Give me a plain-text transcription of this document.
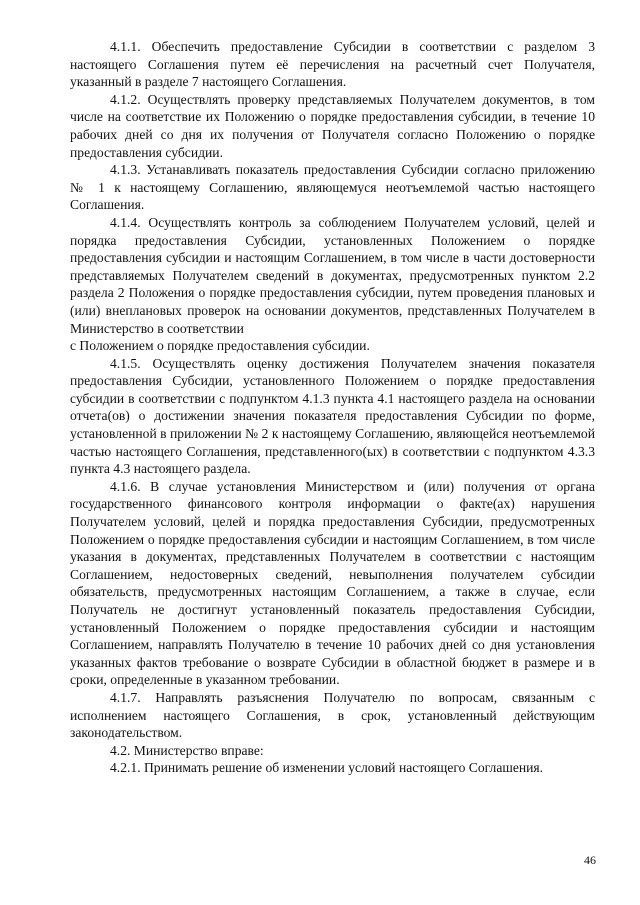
4.1.1. Обеспечить предоставление Субсидии в соответствии с разделом 3 настоящего Соглашения путем её перечисления на расчетный счет Получателя, указанный в разделе 7 настоящего Соглашения.

4.1.2. Осуществлять проверку представляемых Получателем документов, в том числе на соответствие их Положению о порядке предоставления субсидии, в течение 10 рабочих дней со дня их получения от Получателя согласно Положению о порядке предоставления субсидии.

4.1.3. Устанавливать показатель предоставления Субсидии согласно приложению № 1 к настоящему Соглашению, являющемуся неотъемлемой частью настоящего Соглашения.

4.1.4. Осуществлять контроль за соблюдением Получателем условий, целей и порядка предоставления Субсидии, установленных Положением о порядке предоставления субсидии и настоящим Соглашением, в том числе в части достоверности представляемых Получателем сведений в документах, предусмотренных пунктом 2.2 раздела 2 Положения о порядке предоставления субсидии, путем проведения плановых и (или) внеплановых проверок на основании документов, представленных Получателем в Министерство в соответствии

с Положением о порядке предоставления субсидии.

4.1.5. Осуществлять оценку достижения Получателем значения показателя предоставления Субсидии, установленного Положением о порядке предоставления субсидии в соответствии с подпунктом 4.1.3 пункта 4.1 настоящего раздела на основании отчета(ов) о достижении значения показателя предоставления Субсидии по форме, установленной в приложении № 2 к настоящему Соглашению, являющейся неотъемлемой частью настоящего Соглашения, представленного(ых) в соответствии с подпунктом 4.3.3 пункта 4.3 настоящего раздела.

4.1.6. В случае установления Министерством и (или) получения от органа государственного финансового контроля информации о факте(ах) нарушения Получателем условий, целей и порядка предоставления Субсидии, предусмотренных Положением о порядке предоставления субсидии и настоящим Соглашением, в том числе указания в документах, представленных Получателем в соответствии с настоящим Соглашением, недостоверных сведений, невыполнения получателем субсидии обязательств, предусмотренных настоящим Соглашением, а также в случае, если Получатель не достигнут установленный показатель предоставления Субсидии, установленный Положением о порядке предоставления субсидии и настоящим Соглашением, направлять Получателю в течение 10 рабочих дней со дня установления указанных фактов требование о возврате Субсидии в областной бюджет в размере и в сроки, определенные в указанном требовании.

4.1.7. Направлять разъяснения Получателю по вопросам, связанным с исполнением настоящего Соглашения, в срок, установленный действующим законодательством.

4.2. Министерство вправе:

4.2.1. Принимать решение об изменении условий настоящего Соглашения.

46
